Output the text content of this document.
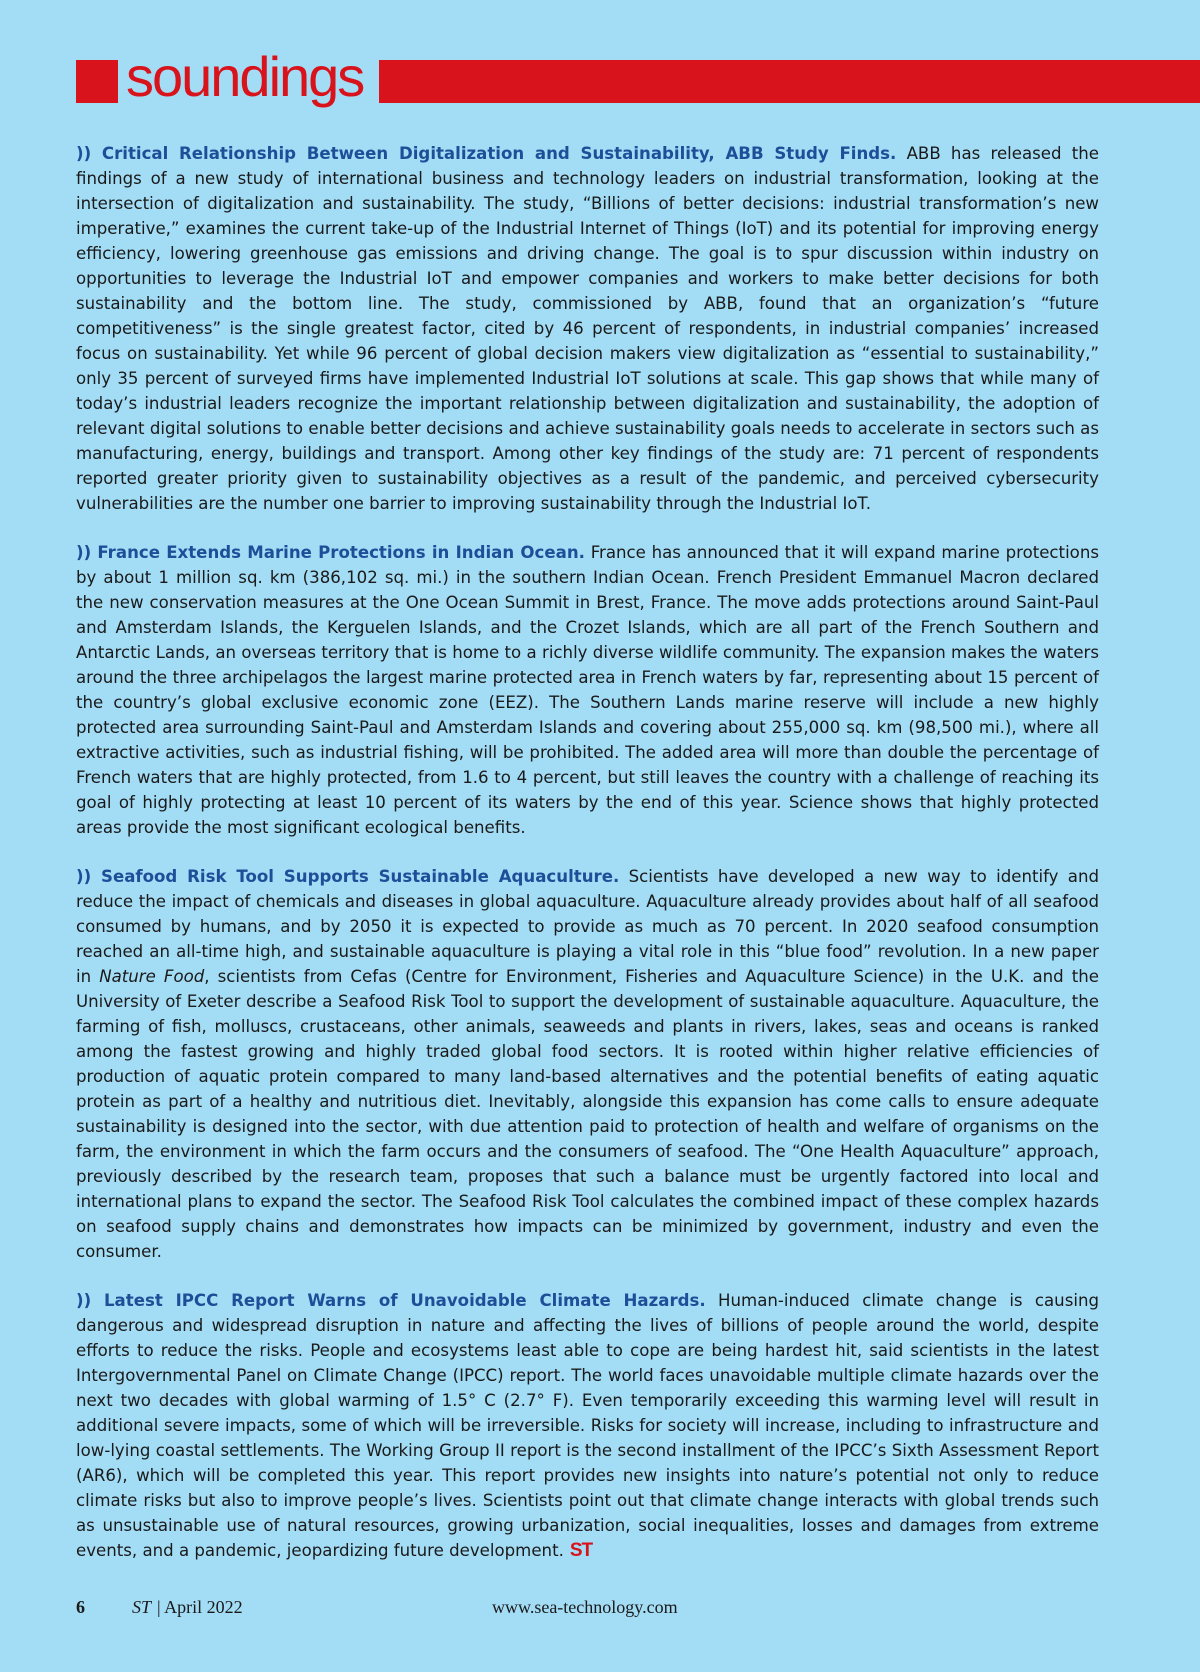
soundings

)) Critical Relationship Between Digitalization and Sustainability, ABB Study Finds. ABB has released the findings of a new study of international business and technology leaders on industrial transformation, looking at the intersection of digitalization and sustainability. The study, “Billions of better decisions: industrial transformation’s new imperative,” examines the current take-up of the Industrial Internet of Things (IoT) and its potential for improving energy efficiency, lowering greenhouse gas emissions and driving change. The goal is to spur discussion within industry on opportunities to leverage the Industrial IoT and empower companies and workers to make better decisions for both sustainability and the bottom line. The study, commissioned by ABB, found that an organization’s “future competitiveness” is the single greatest factor, cited by 46 percent of respondents, in industrial companies’ increased focus on sustainability. Yet while 96 percent of global decision makers view digitalization as “essential to sustainability,” only 35 percent of surveyed firms have implemented Industrial IoT solutions at scale. This gap shows that while many of today’s industrial leaders recognize the important relationship between digitalization and sustainability, the adoption of relevant digital solutions to enable better decisions and achieve sustainability goals needs to accelerate in sectors such as manufacturing, energy, buildings and transport. Among other key findings of the study are: 71 percent of respondents reported greater priority given to sustainability objectives as a result of the pandemic, and perceived cybersecurity vulnerabilities are the number one barrier to improving sustainability through the Industrial IoT.

)) France Extends Marine Protections in Indian Ocean. France has announced that it will expand marine protections by about 1 million sq. km (386,102 sq. mi.) in the southern Indian Ocean. French President Emmanuel Macron declared the new conservation measures at the One Ocean Summit in Brest, France. The move adds protections around Saint-Paul and Amsterdam Islands, the Kerguelen Islands, and the Crozet Islands, which are all part of the French Southern and Antarctic Lands, an overseas territory that is home to a richly diverse wildlife community. The expansion makes the waters around the three archipelagos the largest marine protected area in French waters by far, representing about 15 percent of the country’s global exclusive economic zone (EEZ). The Southern Lands marine reserve will include a new highly protected area surrounding Saint-Paul and Amsterdam Islands and covering about 255,000 sq. km (98,500 mi.), where all extractive activities, such as industrial fishing, will be prohibited. The added area will more than double the percentage of French waters that are highly protected, from 1.6 to 4 percent, but still leaves the country with a challenge of reaching its goal of highly protecting at least 10 percent of its waters by the end of this year. Science shows that highly protected areas provide the most significant ecological benefits.

)) Seafood Risk Tool Supports Sustainable Aquaculture. Scientists have developed a new way to identify and reduce the impact of chemicals and diseases in global aquaculture. Aquaculture already provides about half of all seafood consumed by humans, and by 2050 it is expected to provide as much as 70 percent. In 2020 seafood consumption reached an all-time high, and sustainable aquaculture is playing a vital role in this “blue food” revolution. In a new paper in Nature Food, scientists from Cefas (Centre for Environment, Fisheries and Aquaculture Science) in the U.K. and the University of Exeter describe a Seafood Risk Tool to support the development of sustainable aquaculture. Aquaculture, the farming of fish, molluscs, crustaceans, other animals, seaweeds and plants in rivers, lakes, seas and oceans is ranked among the fastest growing and highly traded global food sectors. It is rooted within higher relative efficiencies of production of aquatic protein compared to many land-based alternatives and the potential benefits of eating aquatic protein as part of a healthy and nutritious diet. Inevitably, alongside this expansion has come calls to ensure adequate sustainability is designed into the sector, with due attention paid to protection of health and welfare of organisms on the farm, the environment in which the farm occurs and the consumers of seafood. The “One Health Aquaculture” approach, previously described by the research team, proposes that such a balance must be urgently factored into local and international plans to expand the sector. The Seafood Risk Tool calculates the combined impact of these complex hazards on seafood supply chains and demonstrates how impacts can be minimized by government, industry and even the consumer.

)) Latest IPCC Report Warns of Unavoidable Climate Hazards. Human-induced climate change is causing dangerous and widespread disruption in nature and affecting the lives of billions of people around the world, despite efforts to reduce the risks. People and ecosystems least able to cope are being hardest hit, said scientists in the latest Intergovernmental Panel on Climate Change (IPCC) report. The world faces unavoidable multiple climate hazards over the next two decades with global warming of 1.5° C (2.7° F). Even temporarily exceeding this warming level will result in additional severe impacts, some of which will be irreversible. Risks for society will increase, including to infrastructure and low-lying coastal settlements. The Working Group II report is the second installment of the IPCC’s Sixth Assessment Report (AR6), which will be completed this year. This report provides new insights into nature’s potential not only to reduce climate risks but also to improve people’s lives. Scientists point out that climate change interacts with global trends such as unsustainable use of natural resources, growing urbanization, social inequalities, losses and damages from extreme events, and a pandemic, jeopardizing future development. ST

6	ST | April 2022	www.sea-technology.com
